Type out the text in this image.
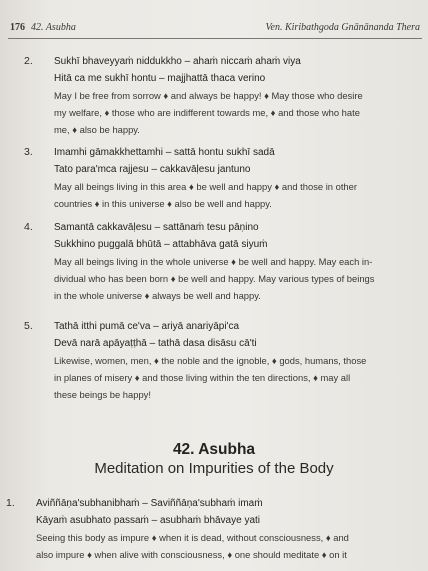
176 42. Asubha	Ven. Kiribathgoda Gnānānanda Thera
2. Sukhī bhaveyyaṁ niddukkho – ahaṁ niccaṁ ahaṁ viya
Hitā ca me sukhī hontu – majjhattā thaca verino
May I be free from sorrow ♦ and always be happy! ♦ May those who desire
my welfare, ♦ those who are indifferent towards me, ♦ and those who hate
me, ♦ also be happy.
3. Imamhi gāmakkhettamhi – sattā hontu sukhī sadā
Tato para'mca rajjesu – cakkavāḷesu jantuno
May all beings living in this area ♦ be well and happy ♦ and those in other
countries ♦ in this universe ♦ also be well and happy.
4. Samantā cakkavāḷesu – sattānaṁ tesu pāṇino
Sukkhino puggalā bhūtā – attabhāva gatā siyuṁ
May all beings living in the whole universe ♦ be well and happy. May each in-
dividual who has been born ♦ be well and happy. May various types of beings
in the whole universe ♦ always be well and happy.
5. Tathā itthi pumā ce'va – ariyā anariyāpi'ca
Devā narā apāyaṭṭhā – tathā dasa disāsu cā'ti
Likewise, women, men, ♦ the noble and the ignoble, ♦ gods, humans, those
in planes of misery ♦ and those living within the ten directions, ♦ may all
these beings be happy!
42. Asubha
Meditation on Impurities of the Body
1. Aviññāṇa'subhanibhaṁ – Saviññāṇa'subhaṁ imaṁ
Kāyaṁ asubhato passaṁ – asubhaṁ bhāvaye yati
Seeing this body as impure ♦ when it is dead, without consciousness, ♦ and
also impure ♦ when alive with consciousness, ♦ one should meditate ♦ on it
